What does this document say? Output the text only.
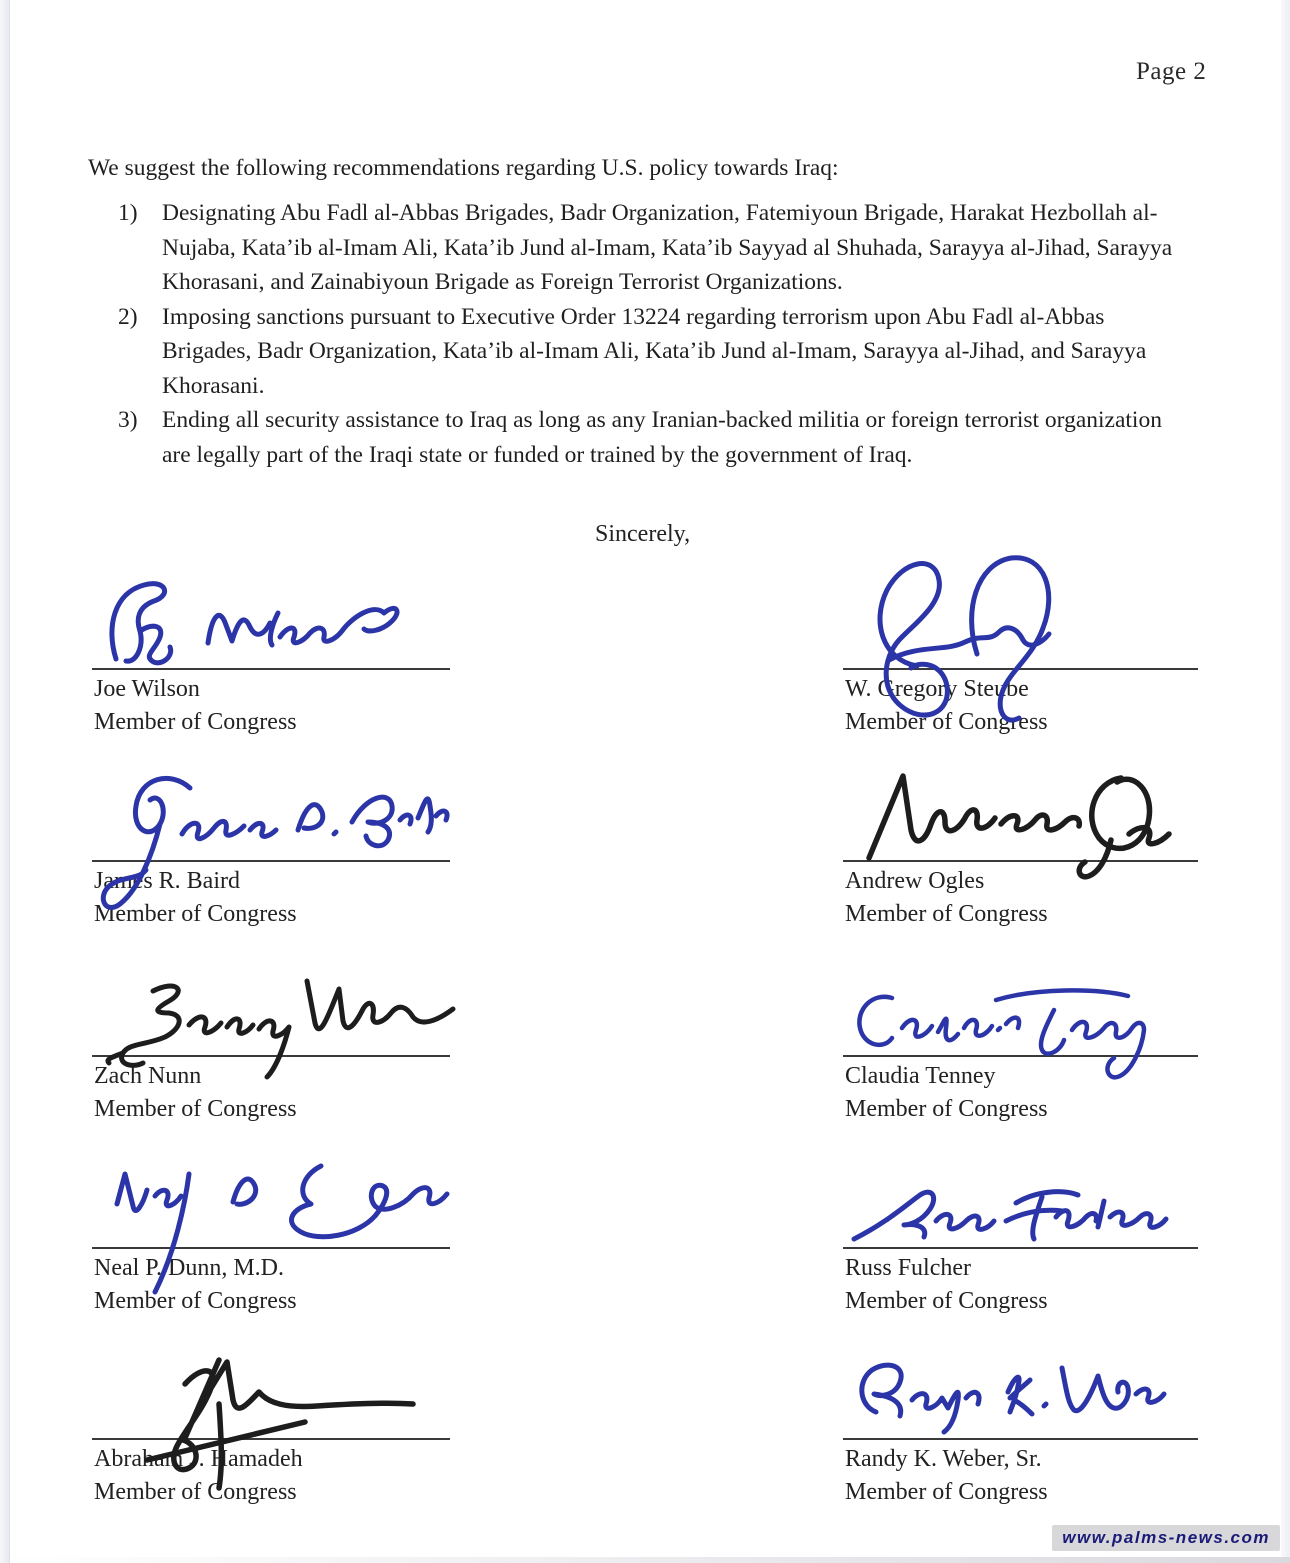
Page 2
We suggest the following recommendations regarding U.S. policy towards Iraq:
1) Designating Abu Fadl al-Abbas Brigades, Badr Organization, Fatemiyoun Brigade, Harakat Hezbollah al-Nujaba, Kata’ib al-Imam Ali, Kata’ib Jund al-Imam, Kata’ib Sayyad al Shuhada, Sarayya al-Jihad, Sarayya Khorasani, and Zainabiyoun Brigade as Foreign Terrorist Organizations.
2) Imposing sanctions pursuant to Executive Order 13224 regarding terrorism upon Abu Fadl al-Abbas Brigades, Badr Organization, Kata’ib al-Imam Ali, Kata’ib Jund al-Imam, Sarayya al-Jihad, and Sarayya Khorasani.
3) Ending all security assistance to Iraq as long as any Iranian-backed militia or foreign terrorist organization are legally part of the Iraqi state or funded or trained by the government of Iraq.
Sincerely,
Joe Wilson
Member of Congress
W. Gregory Steube
Member of Congress
James R. Baird
Member of Congress
Andrew Ogles
Member of Congress
Zach Nunn
Member of Congress
Claudia Tenney
Member of Congress
Neal P. Dunn, M.D.
Member of Congress
Russ Fulcher
Member of Congress
Abraham J. Hamadeh
Member of Congress
Randy K. Weber, Sr.
Member of Congress
www.palms-news.com
